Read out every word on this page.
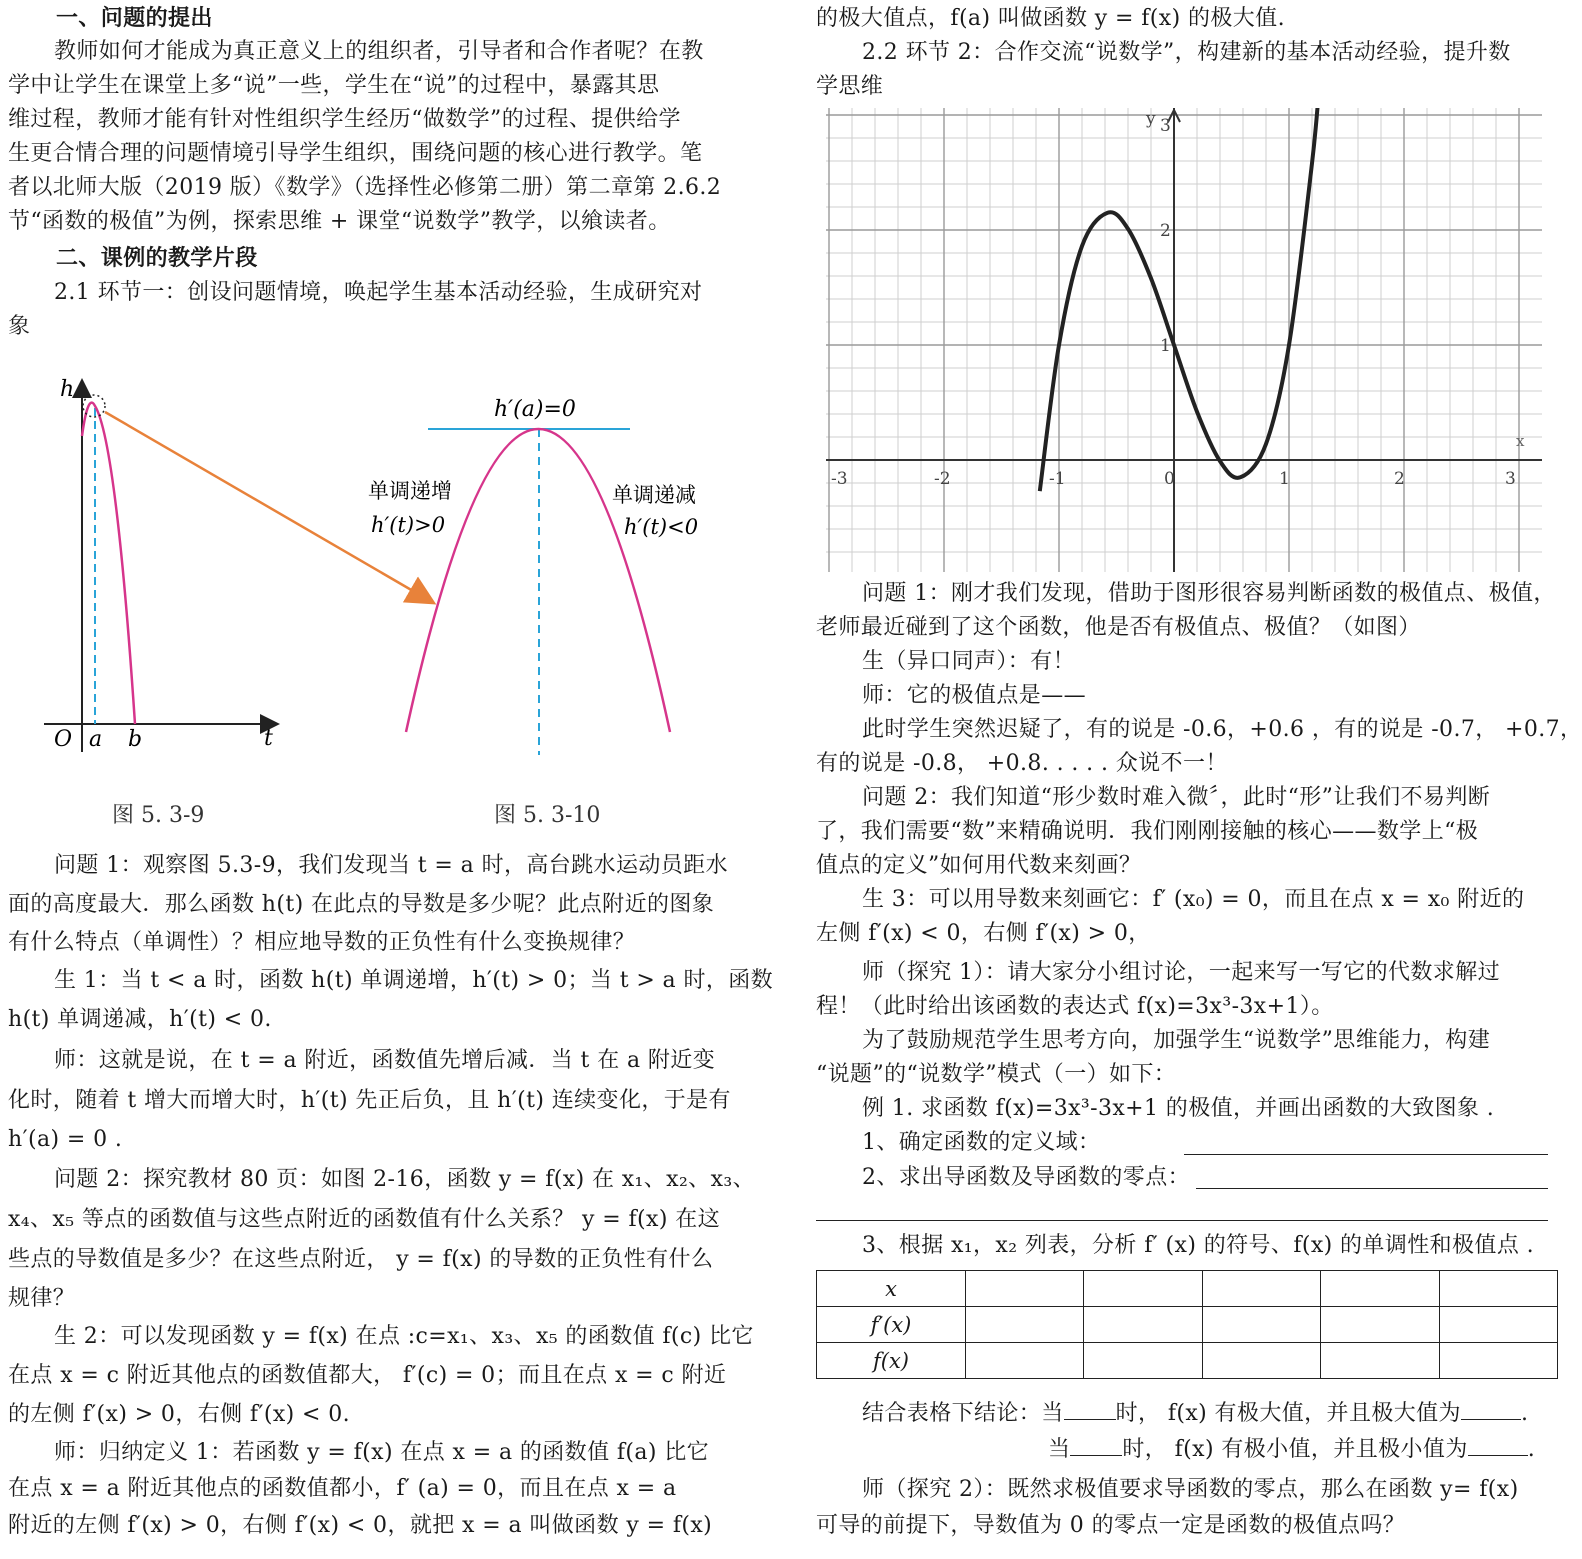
一、问题的提出
教师如何才能成为真正意义上的组织者，引导者和合作者呢？在教
学中让学生在课堂上多“说”一些，学生在“说”的过程中，暴露其思
维过程，教师才能有针对性组织学生经历“做数学”的过程、提供给学
生更合情合理的问题情境引导学生组织，围绕问题的核心进行教学。笔
者以北师大版（2019 版）《数学》（选择性必修第二册）第二章第 2.6.2
节“函数的极值”为例，探索思维 + 课堂“说数学”教学，以飨读者。
二、课例的教学片段
2.1 环节一：创设问题情境，唤起学生基本活动经验，生成研究对
象
h
t
O a b
h′(a)=0
单调递增
h′(t)>0
单调递减
h′(t)<0
图 5. 3-9	图 5. 3-10
问题 1：观察图 5.3-9，我们发现当 t = a 时，高台跳水运动员距水
面的高度最大．那么函数 h(t) 在此点的导数是多少呢？此点附近的图象
有什么特点（单调性）？相应地导数的正负性有什么变换规律？
生 1：当 t < a 时，函数 h(t) 单调递增，h′(t) > 0；当 t > a 时，函数
h(t) 单调递减，h′(t) < 0.
师：这就是说，在 t = a 附近，函数值先增后减．当 t 在 a 附近变
化时，随着 t 增大而增大时，h′(t) 先正后负，且 h′(t) 连续变化，于是有
h′(a) = 0 .
问题 2：探究教材 80 页：如图 2-16，函数 y = f(x) 在 x₁、x₂、x₃、
x₄、x₅ 等点的函数值与这些点附近的函数值有什么关系？ y = f(x) 在这
些点的导数值是多少？在这些点附近， y = f(x) 的导数的正负性有什么
规律？
生 2：可以发现函数 y = f(x) 在点 :c=x₁、x₃、x₅ 的函数值 f(c) 比它
在点 x = c 附近其他点的函数值都大， f′(c) = 0；而且在点 x = c 附近
的左侧 f′(x) > 0，右侧 f′(x) < 0.
师：归纳定义 1：若函数 y = f(x) 在点 x = a 的函数值 f(a) 比它
在点 x = a 附近其他点的函数值都小，f′ (a) = 0，而且在点 x = a
附近的左侧 f′(x) > 0，右侧 f′(x) < 0，就把 x = a 叫做函数 y = f(x)
的极大值点，f(a) 叫做函数 y = f(x) 的极大值.
2.2 环节 2：合作交流“说数学”，构建新的基本活动经验，提升数
学思维
-3	-2	-1	0	1	2	3
3
2
1
y
x
问题 1：刚才我们发现，借助于图形很容易判断函数的极值点、极值，
老师最近碰到了这个函数，他是否有极值点、极值？（如图）
生（异口同声）：有！
师：它的极值点是——
此时学生突然迟疑了，有的说是 -0.6，+0.6 ，有的说是 -0.7， +0.7，
有的说是 -0.8， +0.8. . . . . 众说不一！
问题 2：我们知道“形少数时难入微〞，此时“形”让我们不易判断
了，我们需要“数”来精确说明．我们刚刚接触的核心——数学上“极
值点的定义”如何用代数来刻画？
生 3：可以用导数来刻画它：f′ (x₀) = 0，而且在点 x = x₀ 附近的
左侧 f′(x) < 0，右侧 f′(x) > 0，
师（探究 1）：请大家分小组讨论，一起来写一写它的代数求解过
程！（此时给出该函数的表达式 f(x)=3x³-3x+1）。
为了鼓励规范学生思考方向，加强学生“说数学”思维能力，构建
“说题”的“说数学”模式（一）如下：
例 1. 求函数 f(x)=3x³-3x+1 的极值，并画出函数的大致图象 .
1、确定函数的定义域：
2、求出导函数及导函数的零点：
3、根据 x₁，x₂ 列表，分析 f′ (x) 的符号、f(x) 的单调性和极值点 .
x					
f′(x)					
f(x)					
结合表格下结论：当 时， f(x) 有极大值，并且极大值为	.
当 时， f(x) 有极小值，并且极小值为	.
师（探究 2）：既然求极值要求导函数的零点，那么在函数 y= f(x)
可导的前提下，导数值为 0 的零点一定是函数的极值点吗？
